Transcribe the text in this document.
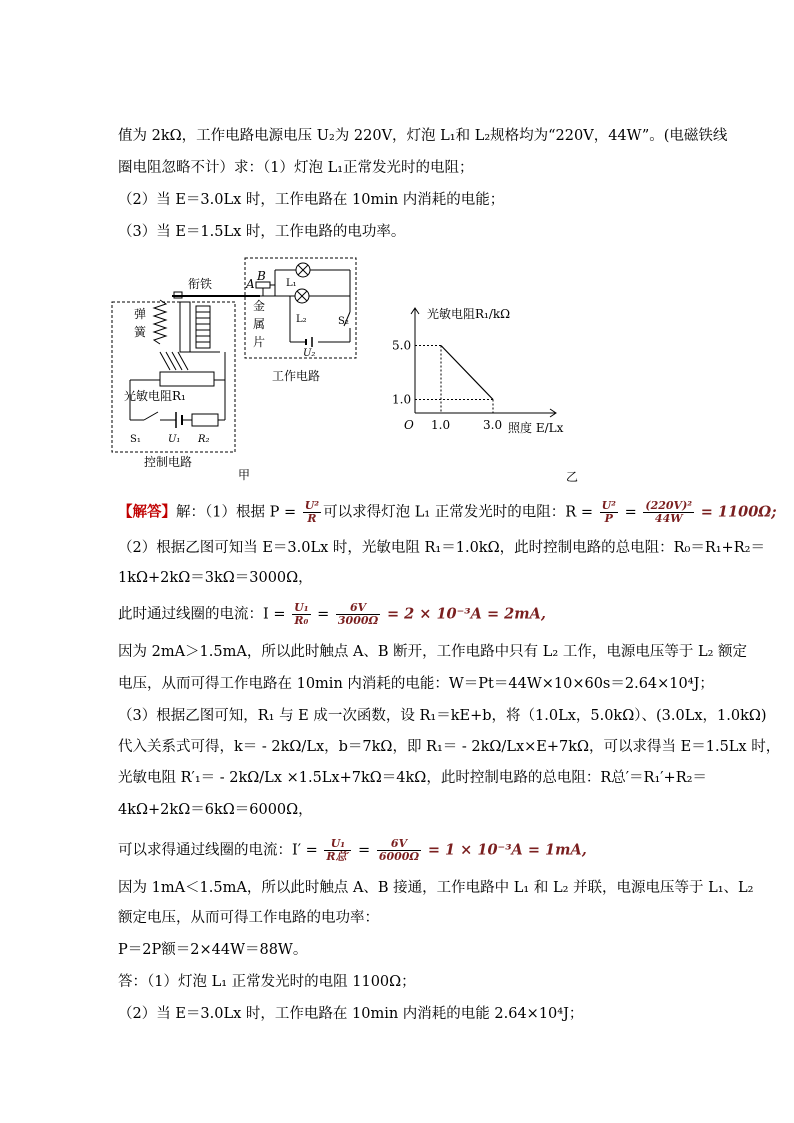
值为 2kΩ，工作电路电源电压 U₂为 220V，灯泡 L₁和 L₂规格均为“220V，44W”。(电磁铁线
圈电阻忽略不计）求：（1）灯泡 L₁正常发光时的电阻；
（2）当 E＝3.0Lx 时，工作电路在 10min 内消耗的电能；
（3）当 E＝1.5Lx 时，工作电路的电功率。
衔铁	A
B
弹
簧
金
属
片
L₁
L₂	S₂
U₂
工作电路
光敏电阻R₁
S₁	U₁ R₂
控制电路
甲
5.0
1.0
1.0	3.0
光敏电阻R₁/kΩ
照度 E/Lx
O
乙
【解答】解：（1）根据 $P = \frac{\text{U²}}{R}$ 可以求得灯泡 L₁ 正常发光时的电阻：$R = \frac{\text{U²}}{P} = \frac{\text{(220V)²}}{44W} = 1100\Omega$;
（2）根据乙图可知当 E＝3.0Lx 时，光敏电阻 R₁＝1.0kΩ，此时控制电路的总电阻：R₀＝R₁+R₂＝
1kΩ+2kΩ＝3kΩ＝3000Ω，
此时通过线圈的电流：$I = \frac{\text{U₁}}{\text{R₀}} = \frac{6V}{3000\Omega} = 2 \times 10^{-3}A = 2mA$,
因为 2mA＞1.5mA，所以此时触点 A、B 断开，工作电路中只有 L₂ 工作，电源电压等于 L₂ 额定
电压，从而可得工作电路在 10min 内消耗的电能：W＝Pt＝44W×10×60s＝2.64×10⁴J；
（3）根据乙图可知，R₁ 与 E 成一次函数，设 R₁＝kE+b，将（1.0Lx，5.0kΩ）、(3.0Lx，1.0kΩ)
代入关系式可得，k＝ - 2kΩ/Lx，b＝7kΩ，即 R₁＝ - 2kΩ/Lx×E+7kΩ，可以求得当 E＝1.5Lx 时，
光敏电阻 R′₁＝ - 2kΩ/Lx ×1.5Lx+7kΩ＝4kΩ，此时控制电路的总电阻：R总′＝R₁′+R₂＝
4kΩ+2kΩ＝6kΩ＝6000Ω，
可以求得通过线圈的电流：$I' = \frac{\text{U₁}}{\text{R总′}} = \frac{6V}{6000\Omega} = 1 \times 10^{-3}A = 1mA$,
因为 1mA＜1.5mA，所以此时触点 A、B 接通，工作电路中 L₁ 和 L₂ 并联，电源电压等于 L₁、L₂
额定电压，从而可得工作电路的电功率：
P＝2P额＝2×44W＝88W。
答：（1）灯泡 L₁ 正常发光时的电阻 1100Ω；
（2）当 E＝3.0Lx 时，工作电路在 10min 内消耗的电能 2.64×10⁴J；
